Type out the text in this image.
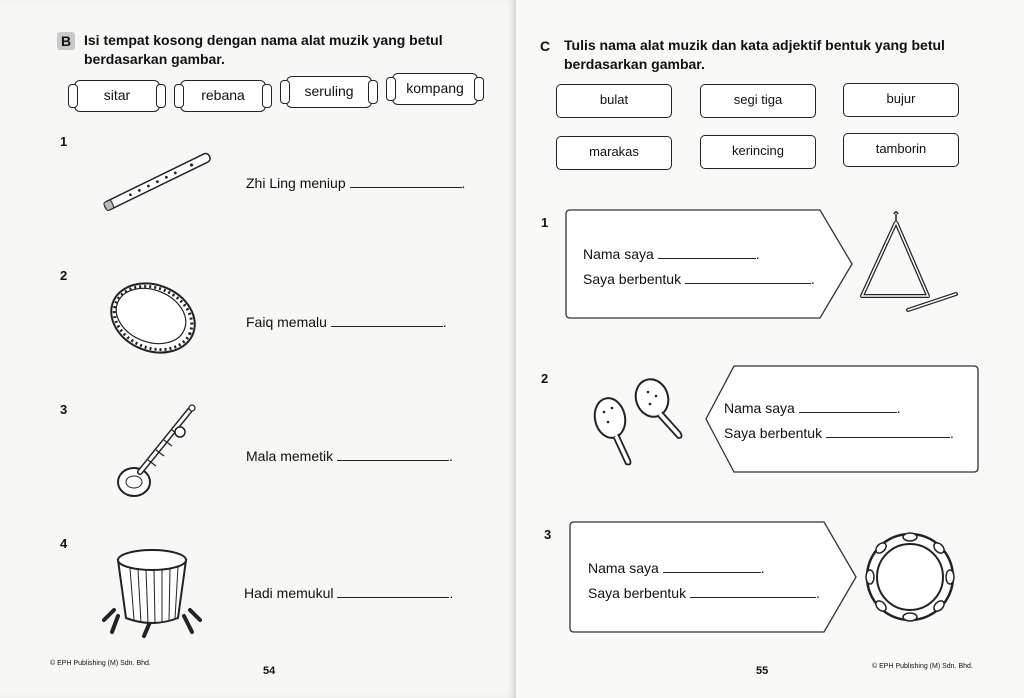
B Isi tempat kosong dengan nama alat muzik yang betul berdasarkan gambar.
sitar	rebana	seruling	kompang
1
Zhi Ling meniup	.
2
Faiq memalu	.
3
Mala memetik	.
4
Hadi memukul	.
© EPH Publishing (M) Sdn. Bhd.
54
C Tulis nama alat muzik dan kata adjektif bentuk yang betul berdasarkan gambar.
bulat	segi tiga	bujur
marakas	kerincing	tamborin
1
Nama saya	.
Saya berbentuk	.
2
Nama saya	.
Saya berbentuk	.
3
Nama saya	.
Saya berbentuk	.
55	© EPH Publishing (M) Sdn. Bhd.
